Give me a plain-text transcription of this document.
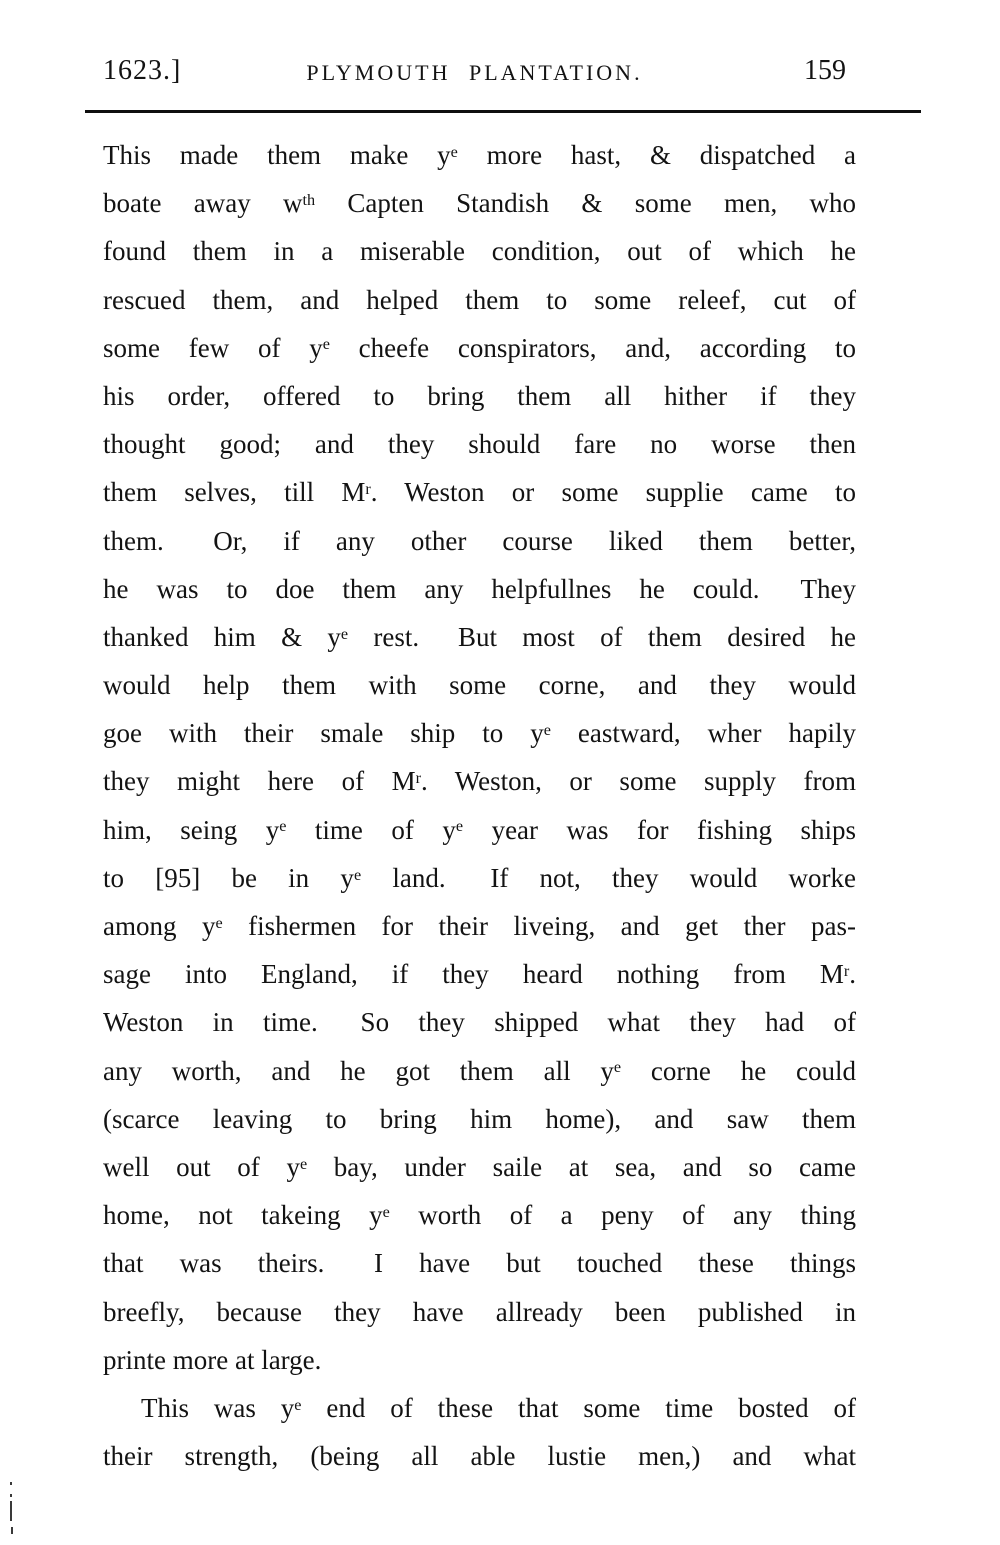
1623.]	PLYMOUTH PLANTATION.	159
This made them make $y^e$ more hast, & dispatched a
boate away $w^{th}$ Capten Standish & some men, who
found them in a miserable condition, out of which he
rescued them, and helped them to some releef, cut of
some few of $y^e$ cheefe conspirators, and, according to
his order, offered to bring them all hither if they
thought good; and they should fare no worse then
them selves, till $M^r$. Weston or some supplie came to
them.  Or, if any other course liked them better,
he was to doe them any helpfullnes he could.  They
thanked him & $y^e$ rest.  But most of them desired he
would help them with some corne, and they would
goe with their smale ship to $y^e$ eastward, wher hapily
they might here of $M^r$. Weston, or some supply from
him, seing $y^e$ time of $y^e$ year was for fishing ships
to [95] be in $y^e$ land.  If not, they would worke
among $y^e$ fishermen for their liveing, and get ther pas-
sage into England, if they heard nothing from $M^r$.
Weston in time.  So they shipped what they had of
any worth, and he got them all $y^e$ corne he could
(scarce leaving to bring him home), and saw them
well out of $y^e$ bay, under saile at sea, and so came
home, not takeing $y^e$ worth of a peny of any thing
that was theirs.  I have but touched these things
breefly, because they have allready been published in
printe more at large.
This was $y^e$ end of these that some time bosted of
their strength, (being all able lustie men,) and what
